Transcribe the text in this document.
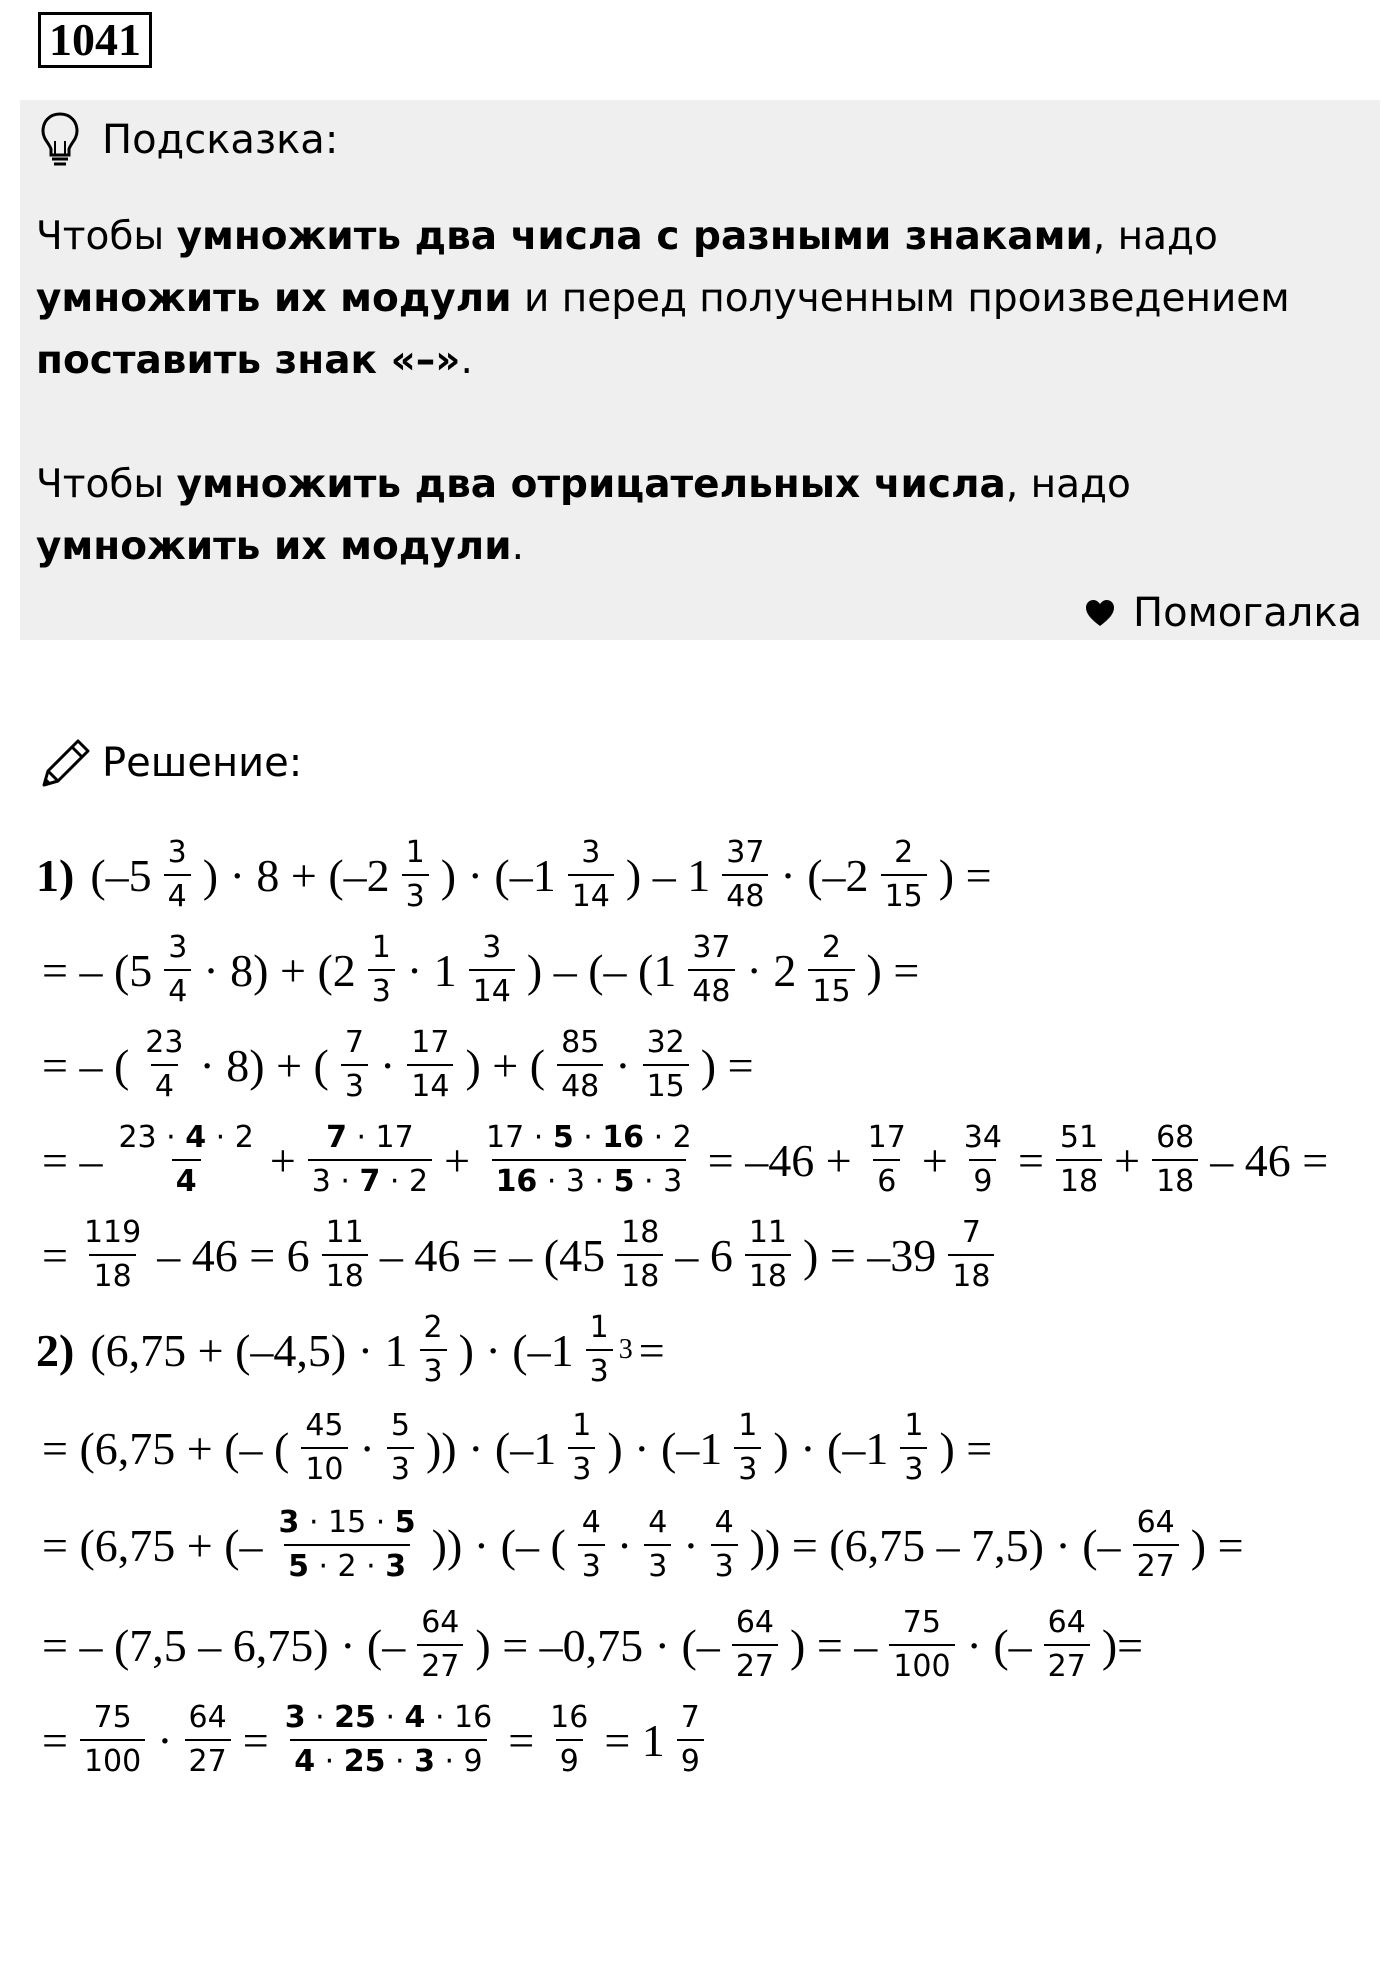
1041
Подсказка:
Чтобы умножить два числа с разными знаками, надо умножить их модули и перед полученным произведением поставить знак «–».
Чтобы умножить два отрицательных числа, надо умножить их модули.
Помогалка
Решение:
1) ($-5 \frac{3}{4}$ ) · $8 + (-2 \frac{1}{3}$ ) · ($-1 \frac{3}{14}$ ) – $1 \frac{37}{48} \cdot (-2 \frac{2}{15}$ ) =
= – $(5 \frac{3}{4} \cdot 8) + (2 \frac{1}{3} \cdot 1 \frac{3}{14}$ ) – (– ($1 \frac{37}{48} \cdot 2 \frac{2}{15}$ ) =
= – ( $\frac{23}{4} \cdot 8$) + ( $\frac{7}{3} \cdot \frac{17}{14}$ ) + ( $\frac{85}{48} \cdot \frac{32}{15}$ ) =
= – $\frac{23 \cdot 4 \cdot 2}{4} + \frac{7 \cdot 17}{3 \cdot 7 \cdot 2} + \frac{17 \cdot 5 \cdot 16 \cdot 2}{16 \cdot 3 \cdot 5 \cdot 3} = -46 + \frac{17}{6} + \frac{34}{9} = \frac{51}{18} + \frac{68}{18} - 46$ =
= $\frac{119}{18} - 46 = 6 \frac{11}{18} - 46$ = – ($45 \frac{18}{18} - 6 \frac{11}{18}$ ) = $-39 \frac{7}{18}$
2) ($6,75 + (-4,5) \cdot 1 \frac{2}{3}$ ) · ($-1 \frac{1}{3} 3$ =
= (6,75 + (– ( $\frac{45}{10} \cdot \frac{5}{3}$ )) · ($-1 \frac{1}{3}$ ) · ($-1 \frac{1}{3}$ ) · ($-1 \frac{1}{3}$ ) =
= (6,75 + (– $\frac{3 \cdot 15 \cdot 5}{5 \cdot 2 \cdot 3}$ )) · (– ( $\frac{4}{3} \cdot \frac{4}{3} \cdot \frac{4}{3}$ )) = (6,75 – 7,5) · (– $\frac{64}{27}$ ) =
= – (7,5 – 6,75) · (– $\frac{64}{27}$ ) = –0,75 · (– $\frac{64}{27}$ ) = – $\frac{75}{100}$ · (– $\frac{64}{27}$ )=
= $\frac{75}{100} \cdot \frac{64}{27} = \frac{3 \cdot 25 \cdot 4 \cdot 16}{4 \cdot 25 \cdot 3 \cdot 9} = \frac{16}{9} = 1 \frac{7}{9}$
